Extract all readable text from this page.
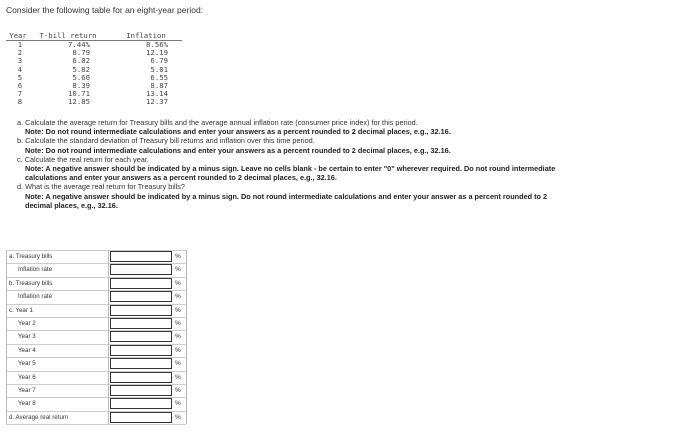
Consider the following table for an eight-year period:
Year	T-bill return	Inflation
1	7.44%	8.56%
2	8.79	12.19
3	6.02	6.79
4	5.82	5.01
5	5.60	6.55
6	8.39	8.87
7	10.71	13.14
8	12.85	12.37

a. Calculate the average return for Treasury bills and the average annual inflation rate (consumer price index) for this period.

Note: Do not round intermediate calculations and enter your answers as a percent rounded to 2 decimal places, e.g., 32.16.

b. Calculate the standard deviation of Treasury bill returns and inflation over this time period.

Note: Do not round intermediate calculations and enter your answers as a percent rounded to 2 decimal places, e.g., 32.16.

c. Calculate the real return for each year.

Note: A negative answer should be indicated by a minus sign. Leave no cells blank - be certain to enter "0" wherever required. Do not round intermediate calculations and enter your answers as a percent rounded to 2 decimal places, e.g., 32.16.

d. What is the average real return for Treasury bills?

Note: A negative answer should be indicated by a minus sign. Do not round intermediate calculations and enter your answer as a percent rounded to 2 decimal places, e.g., 32.16.

a. Treasury bills	%
Inflation rate	%
b. Treasury bills	%
Inflation rate	%
c. Year 1	%
Year 2	%
Year 3	%
Year 4	%
Year 5	%
Year 6	%
Year 7	%
Year 8	%
d. Average real return	%
